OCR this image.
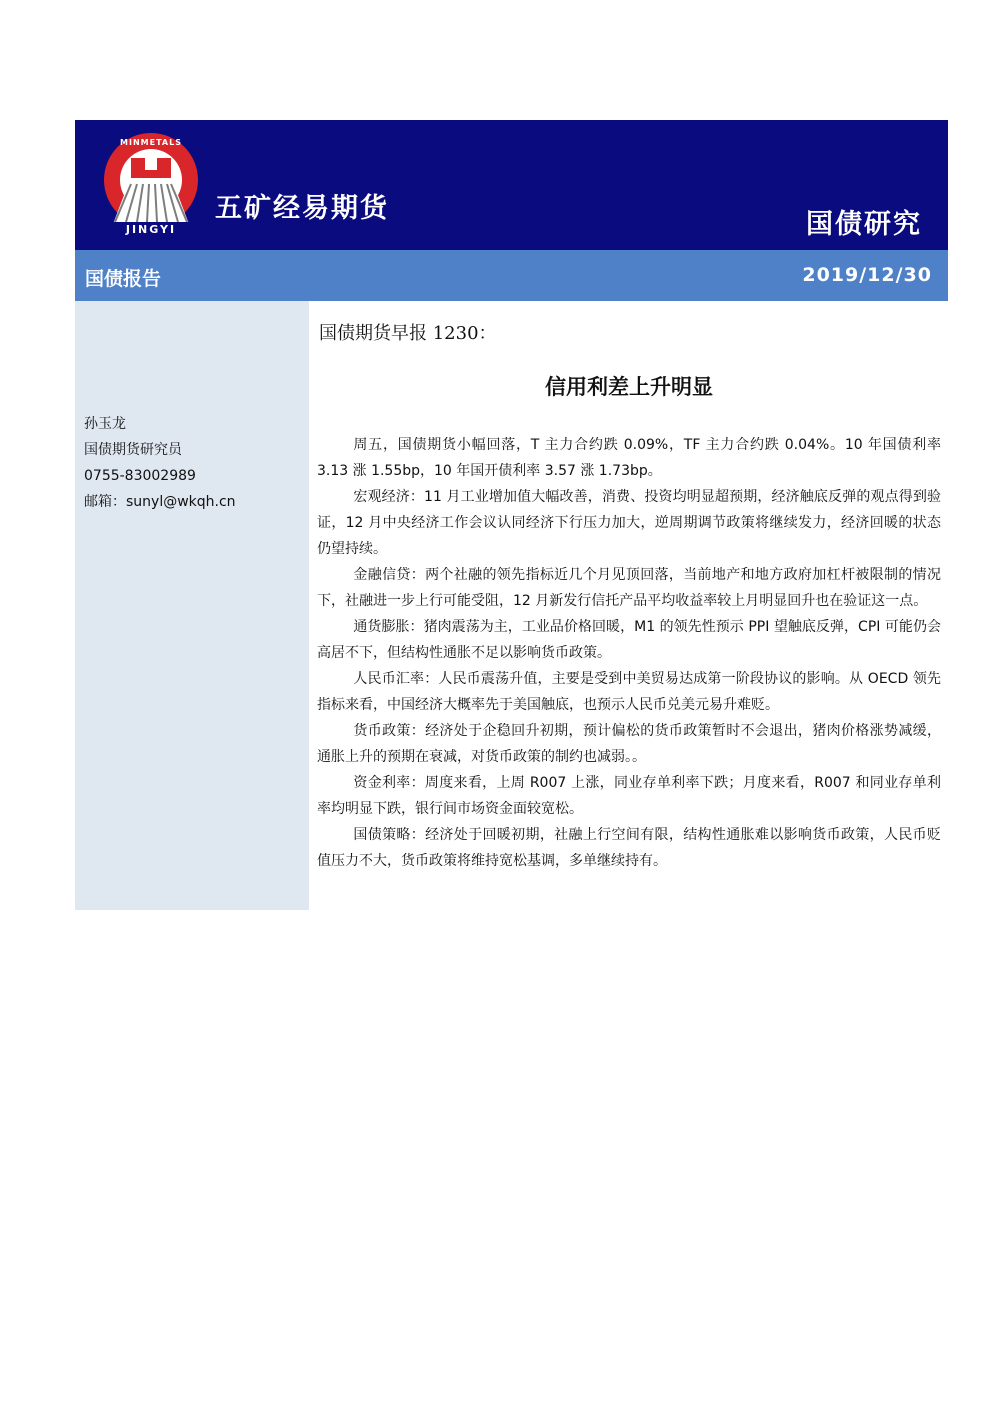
JINGYI
MINMETALS
五矿经易期货
国债研究
国债报告	2019/12/30
孙玉龙
国债期货研究员
0755-83002989
邮箱：sunyl@wkqh.cn
国债期货早报 1230：
信用利差上升明显

周五，国债期货小幅回落，T 主力合约跌 0.09%，TF 主力合约跌 0.04%。10 年国债利率 3.13 涨 1.55bp，10 年国开债利率 3.57 涨 1.73bp。

宏观经济：11 月工业增加值大幅改善，消费、投资均明显超预期，经济触底反弹的观点得到验证，12 月中央经济工作会议认同经济下行压力加大，逆周期调节政策将继续发力，经济回暖的状态仍望持续。

金融信贷：两个社融的领先指标近几个月见顶回落，当前地产和地方政府加杠杆被限制的情况下，社融进一步上行可能受阻，12 月新发行信托产品平均收益率较上月明显回升也在验证这一点。

通货膨胀：猪肉震荡为主，工业品价格回暖，M1 的领先性预示 PPI 望触底反弹，CPI 可能仍会高居不下，但结构性通胀不足以影响货币政策。

人民币汇率：人民币震荡升值，主要是受到中美贸易达成第一阶段协议的影响。从 OECD 领先指标来看，中国经济大概率先于美国触底，也预示人民币兑美元易升难贬。

货币政策：经济处于企稳回升初期，预计偏松的货币政策暂时不会退出，猪肉价格涨势减缓，通胀上升的预期在衰减，对货币政策的制约也减弱。。

资金利率：周度来看，上周 R007 上涨，同业存单利率下跌；月度来看，R007 和同业存单利率均明显下跌，银行间市场资金面较宽松。

国债策略：经济处于回暖初期，社融上行空间有限，结构性通胀难以影响货币政策，人民币贬值压力不大，货币政策将维持宽松基调，多单继续持有。
